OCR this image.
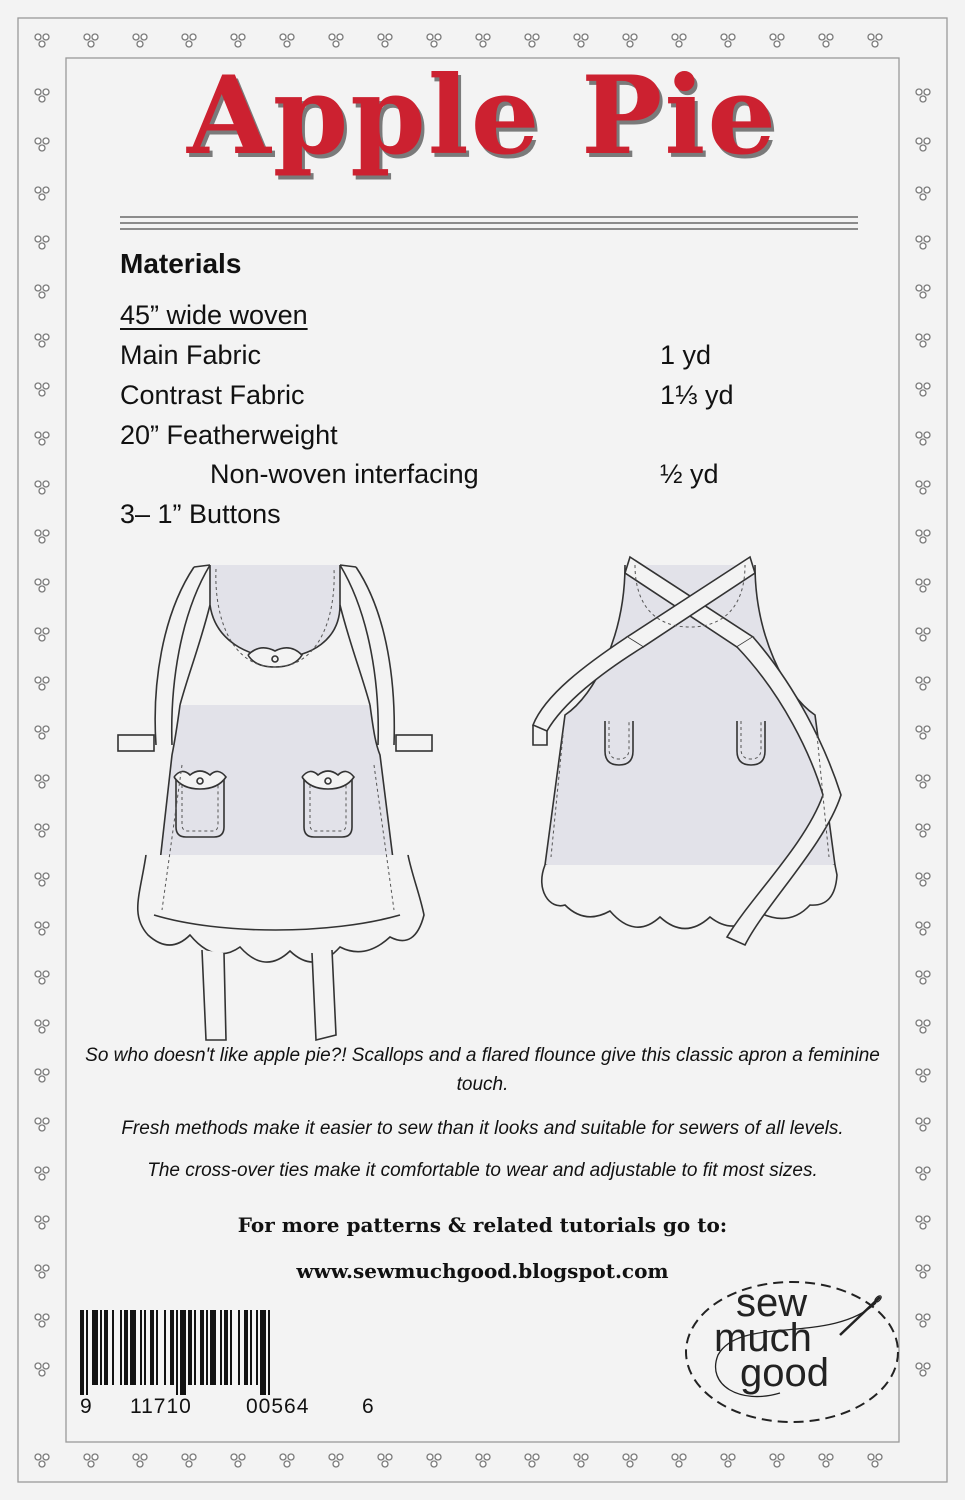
Apple Pie
Materials
45” wide woven
Main Fabric	1 yd
Contrast Fabric	1⅓ yd
20” Featherweight
Non-woven interfacing	½ yd
3– 1” Buttons
So who doesn't like apple pie?! Scallops and a flared flounce give this classic apron a feminine touch.
Fresh methods make it easier to sew than it looks and suitable for sewers of all levels.
The cross-over ties make it comfortable to wear and adjustable to fit most sizes.
For more patterns & related tutorials go to:
www.sewmuchgood.blogspot.com
9 11710	00564	6
sew
much
good
